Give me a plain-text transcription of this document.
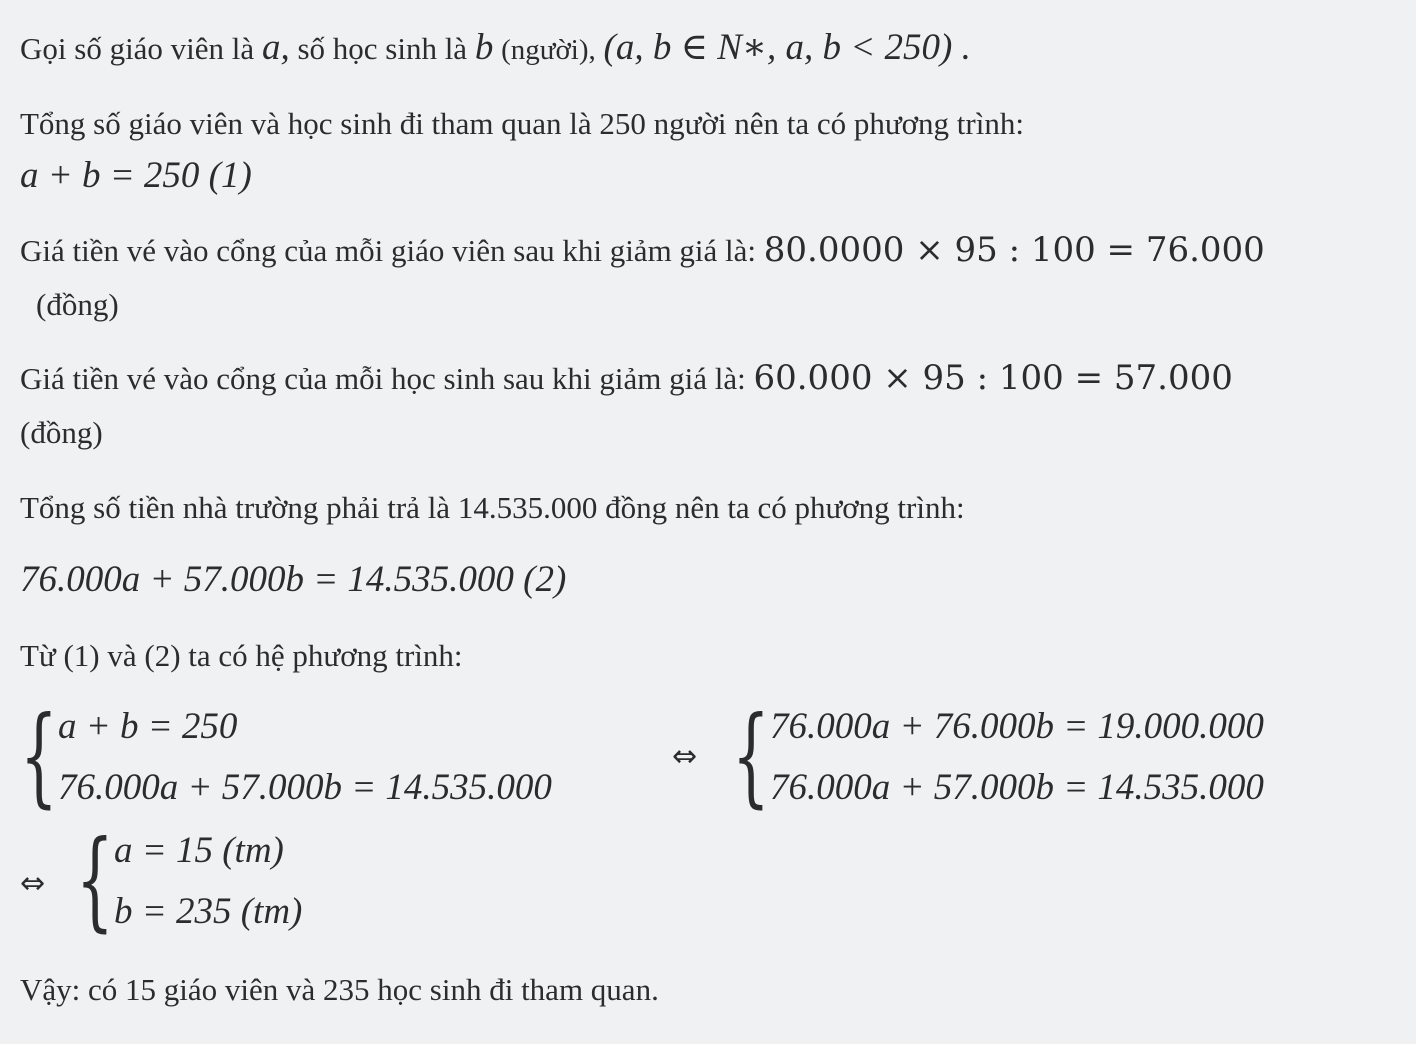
Gọi số giáo viên là a, số học sinh là b (người), (a, b ∈ N∗, a, b < 250) .
Tổng số giáo viên và học sinh đi tham quan là 250 người nên ta có phương trình:
a + b = 250 (1)
Giá tiền vé vào cổng của mỗi giáo viên sau khi giảm giá là: 80.0000 × 95 : 100 = 76.000
(đồng)
Giá tiền vé vào cổng của mỗi học sinh sau khi giảm giá là: 60.000 × 95 : 100 = 57.000
(đồng)
Tổng số tiền nhà trường phải trả là 14.535.000 đồng nên ta có phương trình:
76.000a + 57.000b = 14.535.000 (2)
Từ (1) và (2) ta có hệ phương trình:
{ a + b = 250
76.000a + 57.000b = 14.535.000
⇔ { 76.000a + 76.000b = 19.000.000
76.000a + 57.000b = 14.535.000
⇔ { a = 15 (tm)
b = 235 (tm)
Vậy: có 15 giáo viên và 235 học sinh đi tham quan.
